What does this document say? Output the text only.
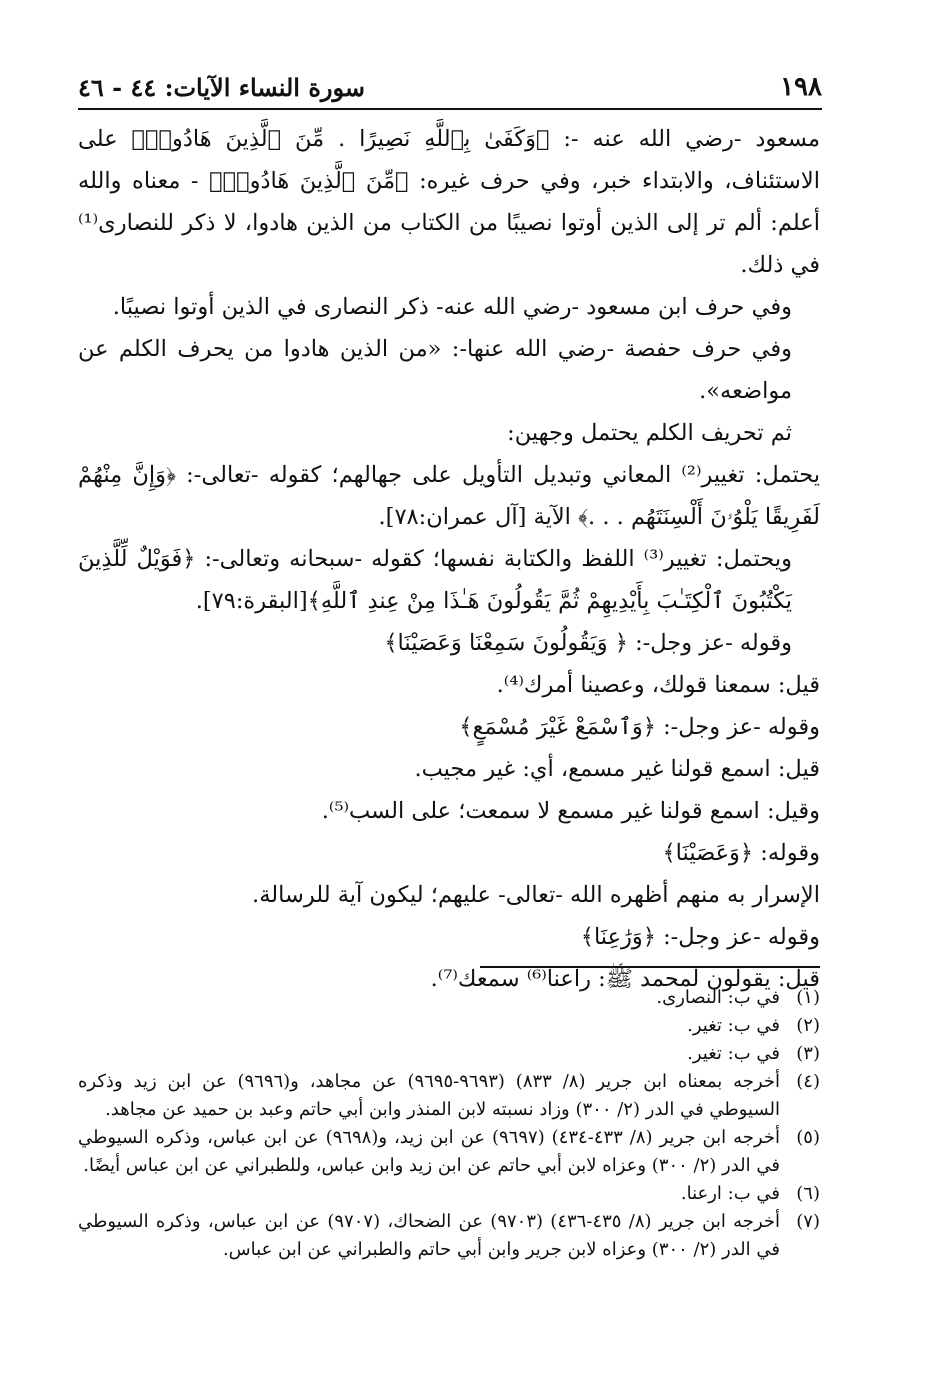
١٩٨
سورة النساء الآيات: ٤٤ - ٤٦

مسعود -رضي الله عنه -: ﴿وَكَفَىٰ بِٱللَّهِ نَصِيرًا . مِّنَ ٱلَّذِينَ هَادُوا۟﴾ على الاستئناف، والابتداء خبر، وفي حرف غيره: ﴿مِّنَ ٱلَّذِينَ هَادُوا۟﴾ - معناه والله أعلم: ألم تر إلى الذين أوتوا نصيبًا من الكتاب من الذين هادوا، لا ذكر للنصارى⁽¹⁾ في ذلك.

وفي حرف ابن مسعود -رضي الله عنه- ذكر النصارى في الذين أوتوا نصيبًا.

وفي حرف حفصة -رضي الله عنها-: «من الذين هادوا من يحرف الكلم عن مواضعه».

ثم تحريف الكلم يحتمل وجهين:

يحتمل: تغيير⁽²⁾ المعاني وتبديل التأويل على جهالهم؛ كقوله -تعالى-: ﴿وَإِنَّ مِنْهُمْ لَفَرِيقًا يَلْوُۥنَ أَلْسِنَتَهُم . . .﴾ الآية [آل عمران:٧٨].

ويحتمل: تغيير⁽³⁾ اللفظ والكتابة نفسها؛ كقوله -سبحانه وتعالى-: ﴿فَوَيْلٌ لِّلَّذِينَ يَكْتُبُونَ ٱلْكِتَـٰبَ بِأَيْدِيهِمْ ثُمَّ يَقُولُونَ هَـٰذَا مِنْ عِندِ ٱللَّهِ﴾[البقرة:٧٩].

وقوله -عز وجل-: ﴿ وَيَقُولُونَ سَمِعْنَا وَعَصَيْنَا﴾

قيل: سمعنا قولك، وعصينا أمرك⁽⁴⁾.

وقوله -عز وجل-: ﴿وَٱسْمَعْ غَيْرَ مُسْمَعٍ﴾

قيل: اسمع قولنا غير مسمع، أي: غير مجيب.

وقيل: اسمع قولنا غير مسمع لا سمعت؛ على السب⁽⁵⁾.

وقوله: ﴿وَعَصَيْنَا﴾

الإسرار به منهم أظهره الله -تعالى- عليهم؛ ليكون آية للرسالة.

وقوله -عز وجل-: ﴿وَرَٰعِنَا﴾

قيل: يقولون لمحمد ﷺ: راعنا⁽⁶⁾ سمعك⁽⁷⁾.

(١)
في ب: النصارى.
(٢)
في ب: تغير.
(٣)
في ب: تغير.
(٤)
أخرجه بمعناه ابن جرير (٨/ ٨٣٣) (٩٦٩٣-٩٦٩٥) عن مجاهد، و(٩٦٩٦) عن ابن زيد وذكره السيوطي في الدر (٢/ ٣٠٠) وزاد نسبته لابن المنذر وابن أبي حاتم وعبد بن حميد عن مجاهد.
(٥)
أخرجه ابن جرير (٨/ ٤٣٣-٤٣٤) (٩٦٩٧) عن ابن زيد، و(٩٦٩٨) عن ابن عباس، وذكره السيوطي في الدر (٢/ ٣٠٠) وعزاه لابن أبي حاتم عن ابن زيد وابن عباس، وللطبراني عن ابن عباس أيضًا.
(٦)
في ب: ارعنا.
(٧)
أخرجه ابن جرير (٨/ ٤٣٥-٤٣٦) (٩٧٠٣) عن الضحاك، (٩٧٠٧) عن ابن عباس، وذكره السيوطي في الدر (٢/ ٣٠٠) وعزاه لابن جرير وابن أبي حاتم والطبراني عن ابن عباس.
